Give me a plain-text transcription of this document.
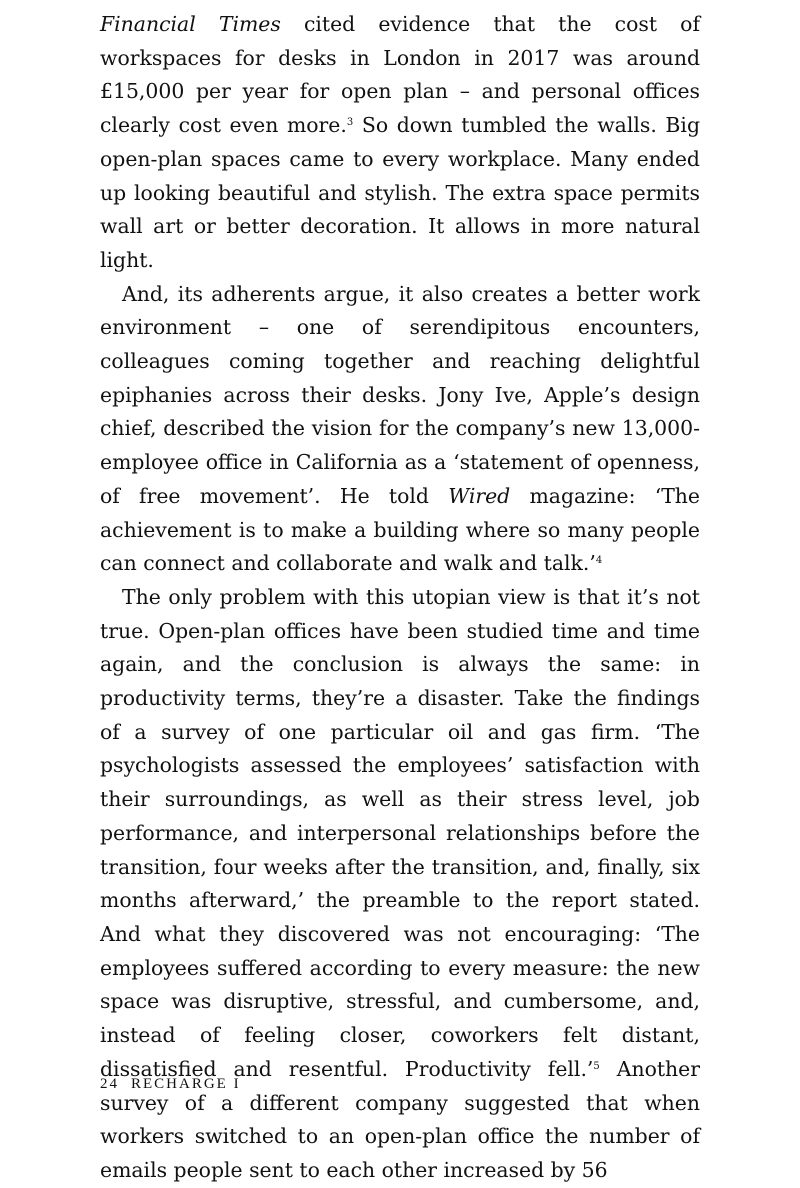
Financial Times cited evidence that the cost of workspaces for desks in London in 2017 was around £15,000 per year for open plan – and personal offices clearly cost even more.$^3$ So down tumbled the walls. Big open-plan spaces came to every workplace. Many ended up looking beautiful and stylish. The extra space permits wall art or better decoration. It allows in more natural light.

And, its adherents argue, it also creates a better work environment – one of serendipitous encounters, colleagues coming together and reaching delightful epiphanies across their desks. Jony Ive, Apple’s design chief, described the vision for the company’s new 13,000-employee office in California as a ‘statement of openness, of free movement’. He told Wired magazine: ‘The achievement is to make a building where so many people can connect and collaborate and walk and talk.’$^4$

The only problem with this utopian view is that it’s not true. Open-plan offices have been studied time and time again, and the conclusion is always the same: in productivity terms, they’re a disaster. Take the findings of a survey of one particular oil and gas firm. ‘The psychologists assessed the employees’ satisfaction with their surroundings, as well as their stress level, job performance, and interpersonal relationships before the transition, four weeks after the transition, and, finally, six months afterward,’ the preamble to the report stated. And what they discovered was not encouraging: ‘The employees suffered according to every measure: the new space was disruptive, stressful, and cumbersome, and, instead of feeling closer, coworkers felt distant, dissatisfied and resentful. Productivity fell.’$^5$ Another survey of a different company suggested that when workers switched to an open-plan office the number of emails people sent to each other increased by 56

24 RECHARGE I
